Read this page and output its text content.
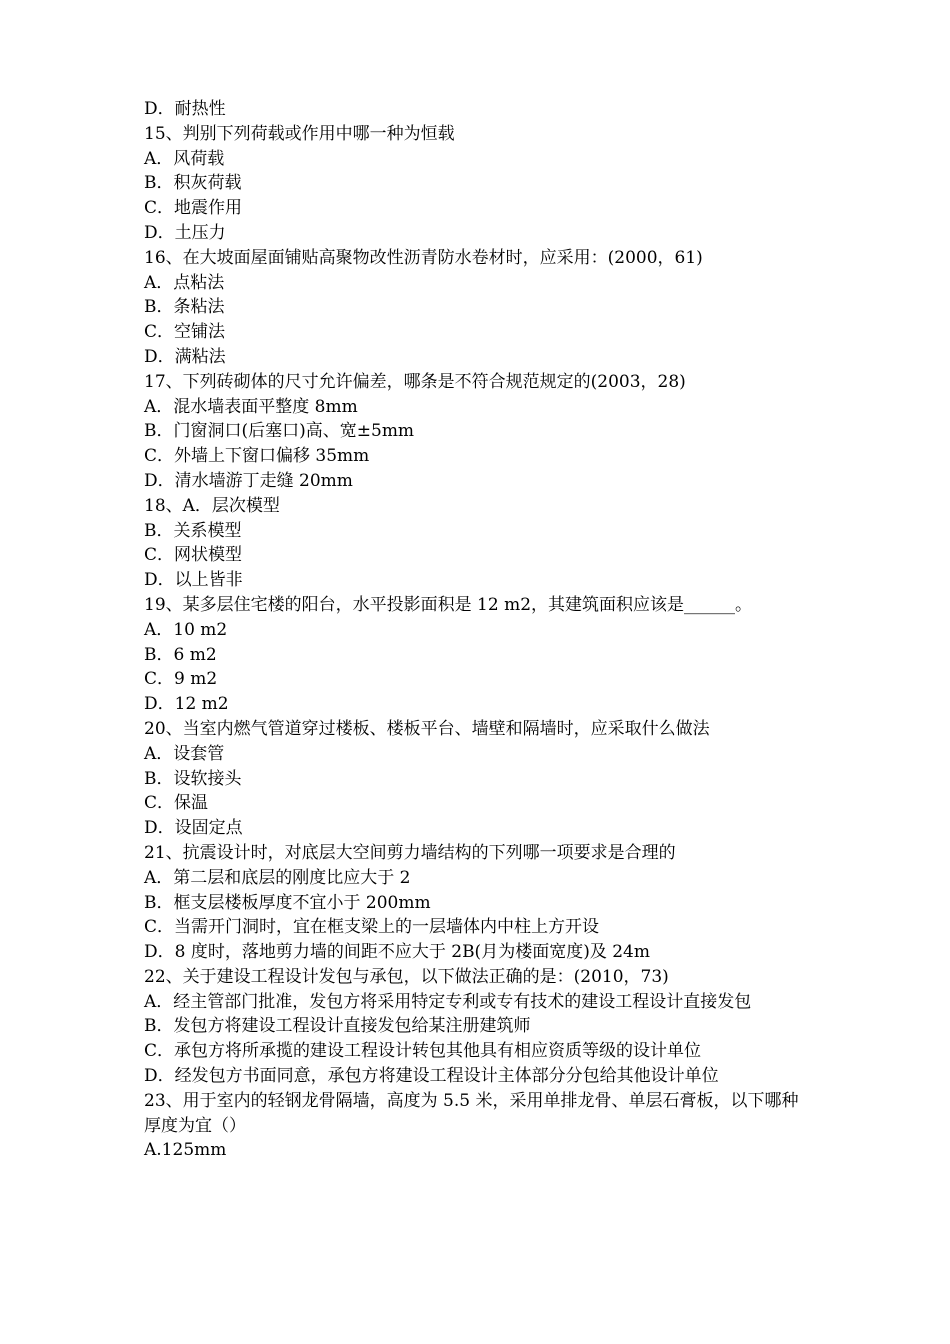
D．耐热性
15、判别下列荷载或作用中哪一种为恒载
A．风荷载
B．积灰荷载
C．地震作用
D．土压力
16、在大坡面屋面铺贴高聚物改性沥青防水卷材时，应采用：(2000，61)
A．点粘法
B．条粘法
C．空铺法
D．满粘法
17、下列砖砌体的尺寸允许偏差，哪条是不符合规范规定的(2003，28)
A．混水墙表面平整度 8mm
B．门窗洞口(后塞口)高、宽±5mm
C．外墙上下窗口偏移 35mm
D．清水墙游丁走缝 20mm
18、A．层次模型
B．关系模型
C．网状模型
D．以上皆非
19、某多层住宅楼的阳台，水平投影面积是 12 m2，其建筑面积应该是______。
A．10 m2
B．6 m2
C．9 m2
D．12 m2
20、当室内燃气管道穿过楼板、楼板平台、墙壁和隔墙时，应采取什么做法
A．设套管
B．设软接头
C．保温
D．设固定点
21、抗震设计时，对底层大空间剪力墙结构的下列哪一项要求是合理的
A．第二层和底层的刚度比应大于 2
B．框支层楼板厚度不宜小于 200mm
C．当需开门洞时，宜在框支梁上的一层墙体内中柱上方开设
D．8 度时，落地剪力墙的间距不应大于 2B(月为楼面宽度)及 24m
22、关于建设工程设计发包与承包，以下做法正确的是：(2010，73)
A．经主管部门批准，发包方将采用特定专利或专有技术的建设工程设计直接发包
B．发包方将建设工程设计直接发包给某注册建筑师
C．承包方将所承揽的建设工程设计转包其他具有相应资质等级的设计单位
D．经发包方书面同意，承包方将建设工程设计主体部分分包给其他设计单位
23、用于室内的轻钢龙骨隔墙，高度为 5.5 米，采用单排龙骨、单层石膏板，以下哪种厚度为宜（）
A.125mm
